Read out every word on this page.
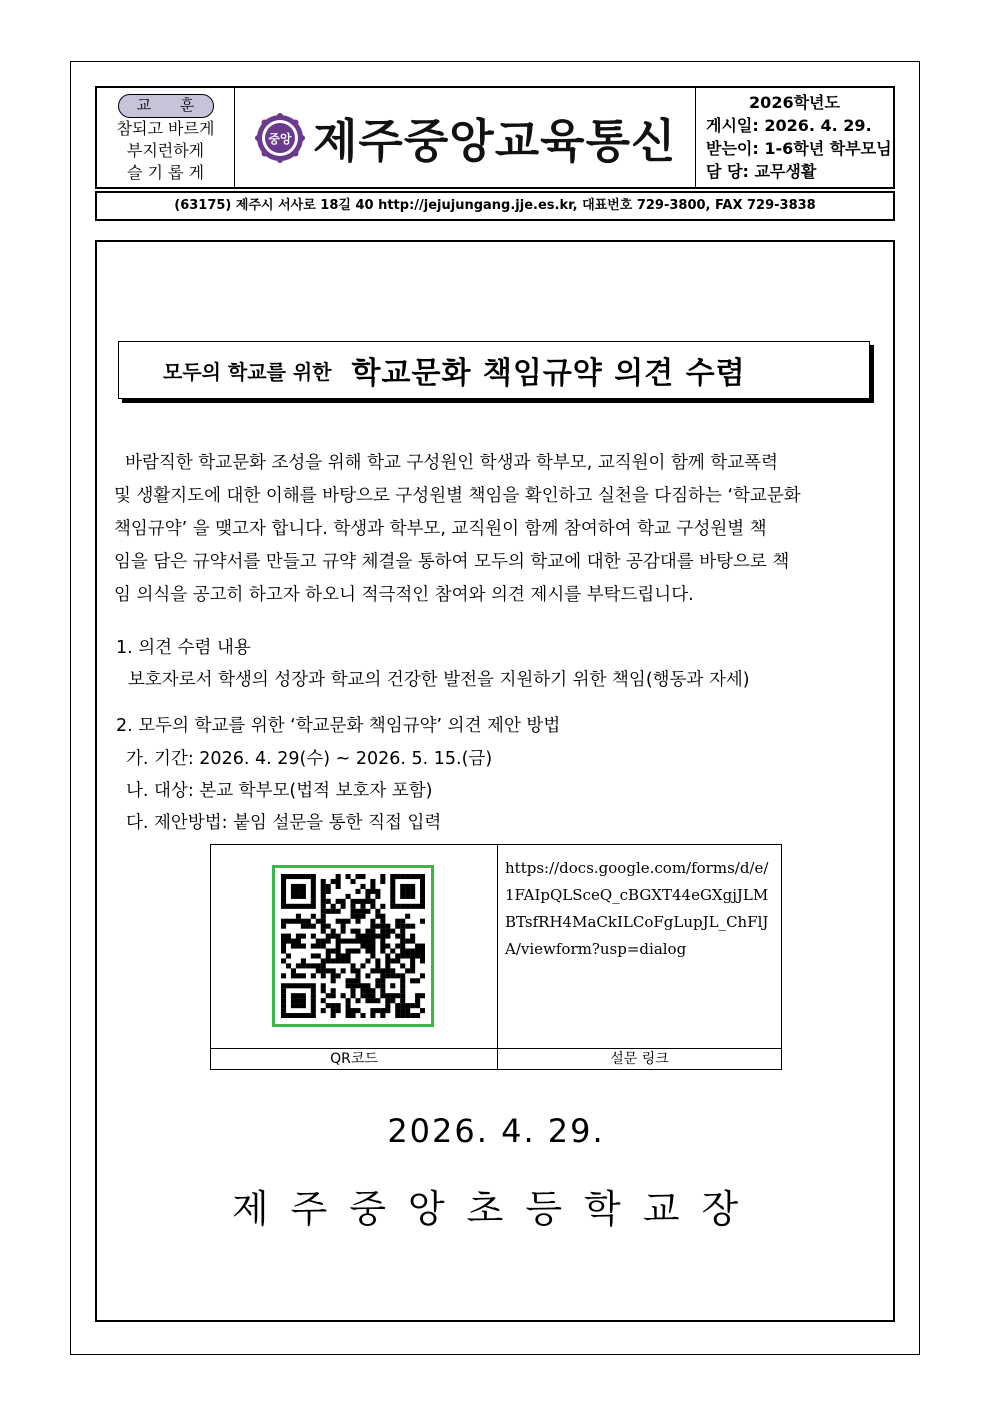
교 훈
참되고 바르게
부지런하게
슬 기 롭 게
중앙 제주중앙교육통신
2026학년도
게시일: 2026. 4. 29.
받는이: 1-6학년 학부모님
담 당: 교무생활
(63175) 제주시 서사로 18길 40 http://jejujungang.jje.es.kr, 대표번호 729-3800, FAX 729-3838
모두의 학교를 위한 학교문화 책임규약 의견 수렴
바람직한 학교문화 조성을 위해 학교 구성원인 학생과 학부모, 교직원이 함께 학교폭력
및 생활지도에 대한 이해를 바탕으로 구성원별 책임을 확인하고 실천을 다짐하는 ‘학교문화
책임규약’ 을 맺고자 합니다. 학생과 학부모, 교직원이 함께 참여하여 학교 구성원별 책
임을 담은 규약서를 만들고 규약 체결을 통하여 모두의 학교에 대한 공감대를 바탕으로 책
임 의식을 공고히 하고자 하오니 적극적인 참여와 의견 제시를 부탁드립니다.
1. 의견 수렴 내용
보호자로서 학생의 성장과 학교의 건강한 발전을 지원하기 위한 책임(행동과 자세)
2. 모두의 학교를 위한 ‘학교문화 책임규약’ 의견 제안 방법
가. 기간: 2026. 4. 29(수) ~ 2026. 5. 15.(금)
나. 대상: 본교 학부모(법적 보호자 포함)
다. 제안방법: 붙임 설문을 통한 직접 입력
https://docs.google.com/forms/d/e/1FAIpQLSceQ_cBGXT44eGXgjJLMBTsfRH4MaCkILCoFgLupJL_ChFlJA/viewform?usp=dialog
QR코드	설문 링크
2026. 4. 29.
제주중앙초등학교장
